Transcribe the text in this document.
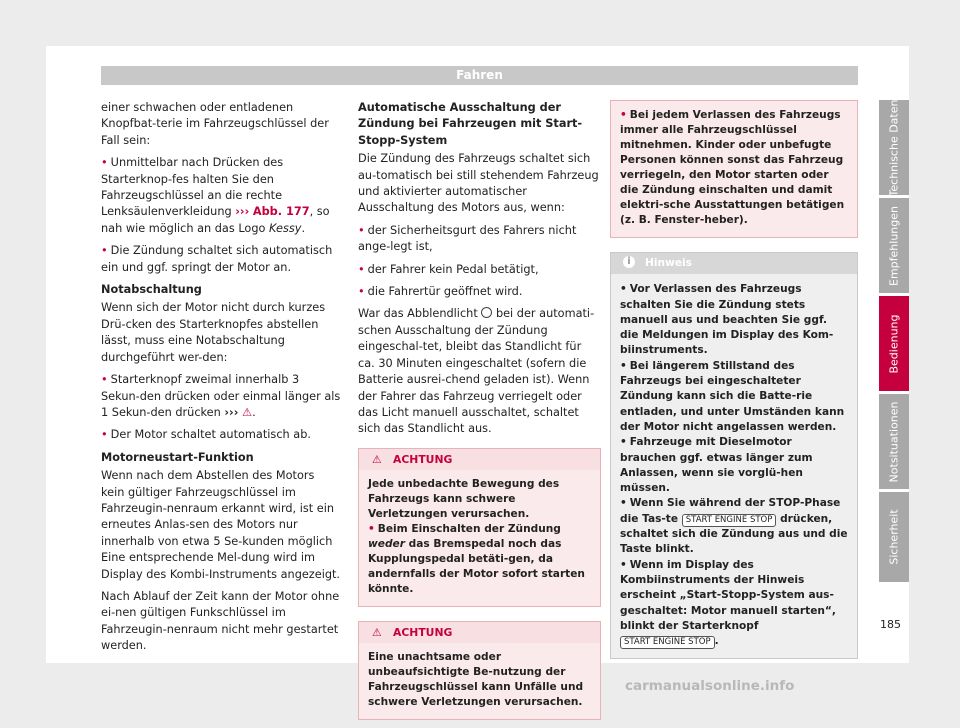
Fahren

einer schwachen oder entladenen Knopfbat-terie im Fahrzeugschlüssel der Fall sein:

• Unmittelbar nach Drücken des Starterknop-fes halten Sie den Fahrzeugschlüssel an die rechte Lenksäulenverkleidung ››› Abb. 177, so nah wie möglich an das Logo Kessy.

• Die Zündung schaltet sich automatisch ein und ggf. springt der Motor an.

Notabschaltung

Wenn sich der Motor nicht durch kurzes Drü-cken des Starterknopfes abstellen lässt, muss eine Notabschaltung durchgeführt wer-den:

• Starterknopf zweimal innerhalb 3 Sekun-den drücken oder einmal länger als 1 Sekun-den drücken ››› ⚠.

• Der Motor schaltet automatisch ab.

Motorneustart-Funktion

Wenn nach dem Abstellen des Motors kein gültiger Fahrzeugschlüssel im Fahrzeugin-nenraum erkannt wird, ist ein erneutes Anlas-sen des Motors nur innerhalb von etwa 5 Se-kunden möglich Eine entsprechende Mel-dung wird im Display des Kombi-Instruments angezeigt.

Nach Ablauf der Zeit kann der Motor ohne ei-nen gültigen Funkschlüssel im Fahrzeugin-nenraum nicht mehr gestartet werden.

Automatische Ausschaltung der Zündung bei Fahrzeugen mit Start-Stopp-System

Die Zündung des Fahrzeugs schaltet sich au-tomatisch bei still stehendem Fahrzeug und aktivierter automatischer Ausschaltung des Motors aus, wenn:

• der Sicherheitsgurt des Fahrers nicht ange-legt ist,

• der Fahrer kein Pedal betätigt,

• die Fahrertür geöffnet wird.

War das Abblendlicht bei der automati-schen Ausschaltung der Zündung eingeschal-tet, bleibt das Standlicht für ca. 30 Minuten eingeschaltet (sofern die Batterie ausrei-chend geladen ist). Wenn der Fahrer das Fahrzeug verriegelt oder das Licht manuell ausschaltet, schaltet sich das Standlicht aus.

⚠ ACHTUNG
Jede unbedachte Bewegung des Fahrzeugs kann schwere Verletzungen verursachen.
• Beim Einschalten der Zündung weder das Bremspedal noch das Kupplungspedal betäti-gen, da andernfalls der Motor sofort starten könnte.
⚠ ACHTUNG
Eine unachtsame oder unbeaufsichtigte Be-nutzung der Fahrzeugschlüssel kann Unfälle und schwere Verletzungen verursachen.
• Bei jedem Verlassen des Fahrzeugs immer alle Fahrzeugschlüssel mitnehmen. Kinder oder unbefugte Personen können sonst das Fahrzeug verriegeln, den Motor starten oder die Zündung einschalten und damit elektri-sche Ausstattungen betätigen (z. B. Fenster-heber).
i	Hinweis
• Vor Verlassen des Fahrzeugs schalten Sie die Zündung stets manuell aus und beachten Sie ggf. die Meldungen im Display des Kom-biinstruments.
• Bei längerem Stillstand des Fahrzeugs bei eingeschalteter Zündung kann sich die Batte-rie entladen, und unter Umständen kann der Motor nicht angelassen werden.
• Fahrzeuge mit Dieselmotor brauchen ggf. etwas länger zum Anlassen, wenn sie vorglü-hen müssen.
• Wenn Sie während der STOP-Phase die Tas-te START ENGINE STOP drücken, schaltet sich die Zündung aus und die Taste blinkt.
• Wenn im Display des Kombiinstruments der Hinweis erscheint „Start-Stopp-System aus-geschaltet: Motor manuell starten“, blinkt der Starterknopf START ENGINE STOP .
Technische Daten
Empfehlungen
Bedienung
Notsituationen
Sicherheit
185
carmanualsonline.info
